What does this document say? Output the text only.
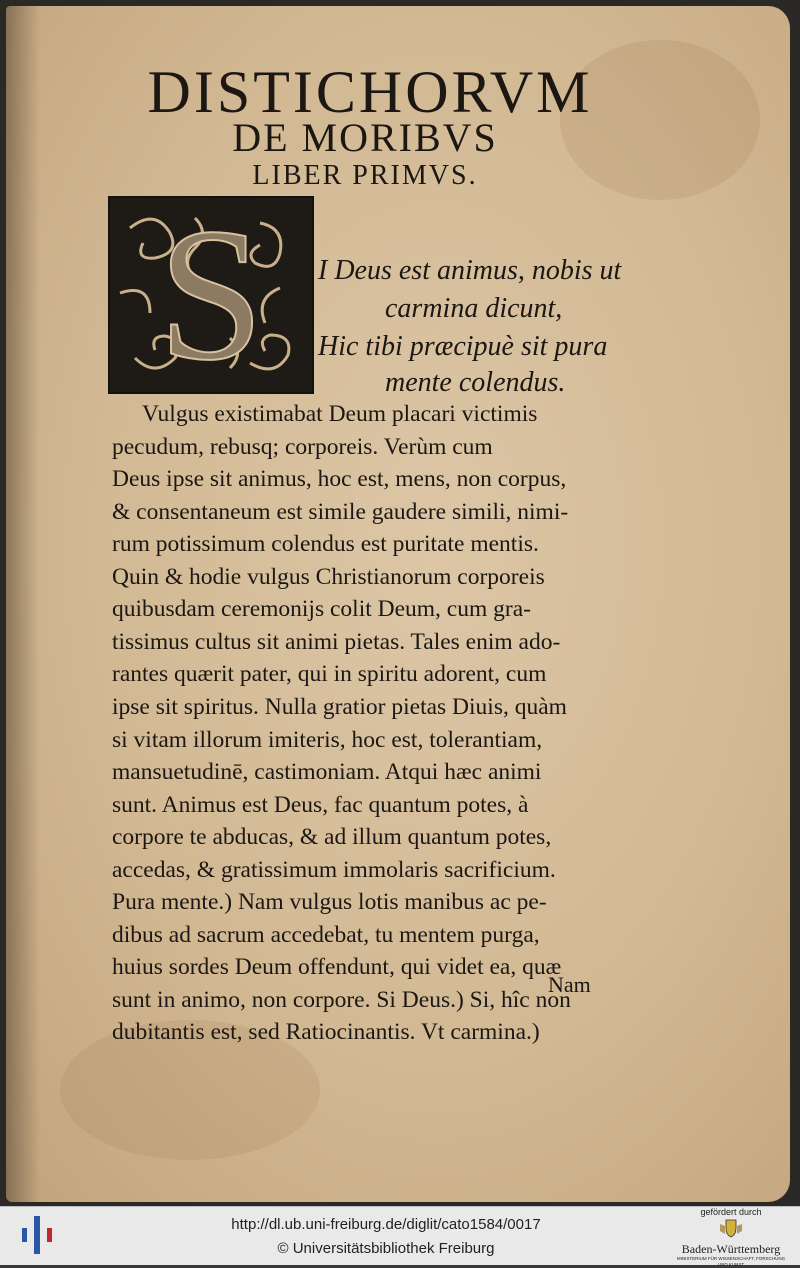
DISTICHORVM
DE MORIBVS
LIBER PRIMVS.
S I Deus est animus, nobis ut
carmina dicunt,
Hic tibi præcipuè sit pura
mente colendus.
Vulgus existimabat Deum placari victimis
pecudum, rebusq; corporeis. Verùm cum
Deus ipse sit animus, hoc est, mens, non corpus,
& consentaneum est simile gaudere simili, nimi-
rum potissimum colendus est puritate mentis.
Quin & hodie vulgus Christianorum corporeis
quibusdam ceremonijs colit Deum, cum gra-
tissimus cultus sit animi pietas. Tales enim ado-
rantes quærit pater, qui in spiritu adorent, cum
ipse sit spiritus. Nulla gratior pietas Diuis, quàm
si vitam illorum imiteris, hoc est, tolerantiam,
mansuetudinē, castimoniam. Atqui hæc animi
sunt. Animus est Deus, fac quantum potes, à
corpore te abducas, & ad illum quantum potes,
accedas, & gratissimum immolaris sacrificium.
Pura mente.) Nam vulgus lotis manibus ac pe-
dibus ad sacrum accedebat, tu mentem purga,
huius sordes Deum offendunt, qui videt ea, quæ
sunt in animo, non corpore. Si Deus.) Si, hîc non
dubitantis est, sed Ratiocinantis. Vt carmina.)
Nam
http://dl.ub.uni-freiburg.de/diglit/cato1584/0017
© Universitätsbibliothek Freiburg
gefördert durch
Baden-Württemberg
MINISTERIUM FÜR WISSENSCHAFT, FORSCHUNG UND KUNST
